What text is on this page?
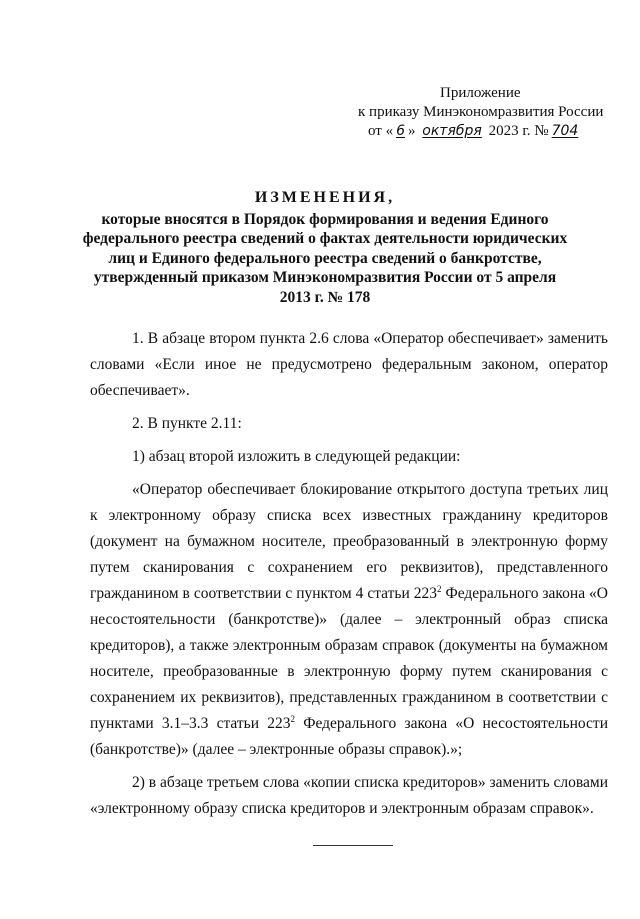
Приложение
к приказу Минэкономразвития России
от « 6 » октября 2023 г. № 704
ИЗМЕНЕНИЯ,
которые вносятся в Порядок формирования и ведения Единого федерального реестра сведений о фактах деятельности юридических лиц и Единого федерального реестра сведений о банкротстве, утвержденный приказом Минэкономразвития России от 5 апреля 2013 г. № 178

1. В абзаце втором пункта 2.6 слова «Оператор обеспечивает» заменить словами «Если иное не предусмотрено федеральным законом, оператор обеспечивает».

2. В пункте 2.11:

1) абзац второй изложить в следующей редакции:

«Оператор обеспечивает блокирование открытого доступа третьих лиц к электронному образу списка всех известных гражданину кредиторов (документ на бумажном носителе, преобразованный в электронную форму путем сканирования с сохранением его реквизитов), представленного гражданином в соответствии с пунктом 4 статьи $223^2$ Федерального закона «О несостоятельности (банкротстве)» (далее – электронный образ списка кредиторов), а также электронным образам справок (документы на бумажном носителе, преобразованные в электронную форму путем сканирования с сохранением их реквизитов), представленных гражданином в соответствии с пунктами 3.1–3.3 статьи $223^2$ Федерального закона «О несостоятельности (банкротстве)» (далее – электронные образы справок).»;

2) в абзаце третьем слова «копии списка кредиторов» заменить словами «электронному образу списка кредиторов и электронным образам справок».
